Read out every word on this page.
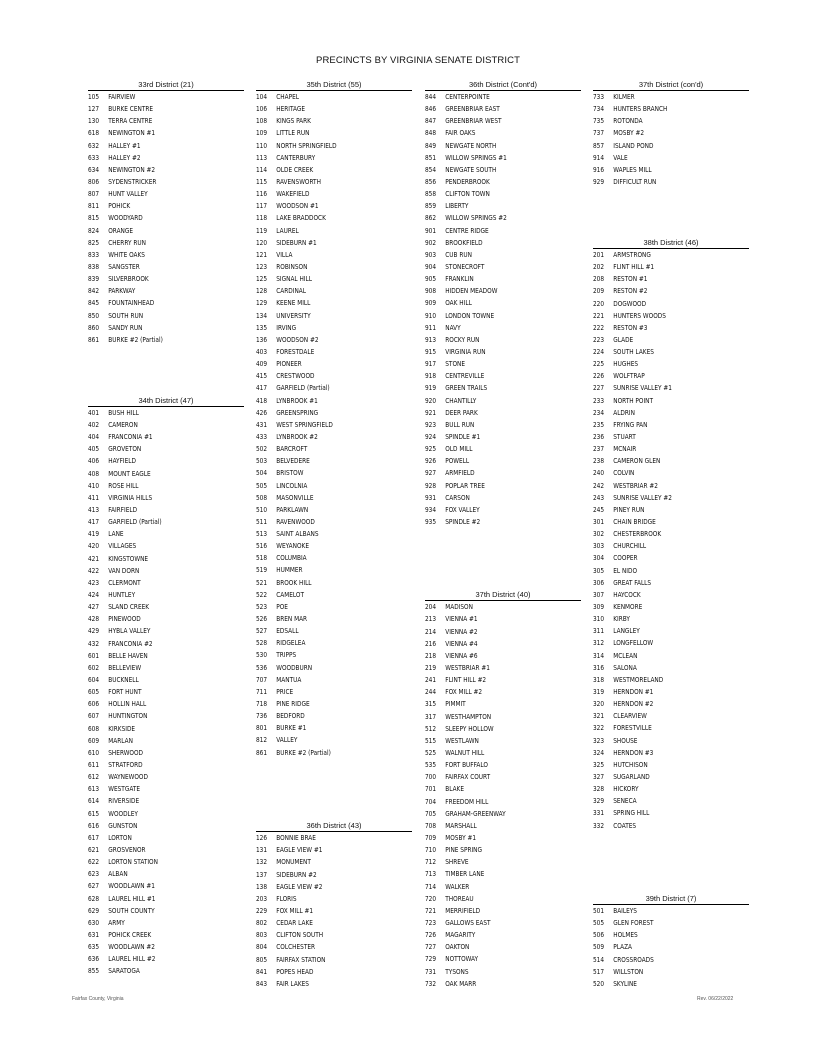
PRECINCTS BY VIRGINIA SENATE DISTRICT
33rd District (21)
105	FAIRVIEW
127	BURKE CENTRE
130	TERRA CENTRE
618	NEWINGTON #1
632	HALLEY #1
633	HALLEY #2
634	NEWINGTON #2
806	SYDENSTRICKER
807	HUNT VALLEY
811	POHICK
815	WOODYARD
824	ORANGE
825	CHERRY RUN
833	WHITE OAKS
838	SANGSTER
839	SILVERBROOK
842	PARKWAY
845	FOUNTAINHEAD
850	SOUTH RUN
860	SANDY RUN
861	BURKE #2 (Partial)
34th District (47)
401	BUSH HILL
402	CAMERON
404	FRANCONIA #1
405	GROVETON
406	HAYFIELD
408	MOUNT EAGLE
410	ROSE HILL
411	VIRGINIA HILLS
413	FAIRFIELD
417	GARFIELD (Partial)
419	LANE
420	VILLAGES
421	KINGSTOWNE
422	VAN DORN
423	CLERMONT
424	HUNTLEY
427	SLAND CREEK
428	PINEWOOD
429	HYBLA VALLEY
432	FRANCONIA #2
601	BELLE HAVEN
602	BELLEVIEW
604	BUCKNELL
605	FORT HUNT
606	HOLLIN HALL
607	HUNTINGTON
608	KIRKSIDE
609	MARLAN
610	SHERWOOD
611	STRATFORD
612	WAYNEWOOD
613	WESTGATE
614	RIVERSIDE
615	WOODLEY
616	GUNSTON
617	LORTON
621	GROSVENOR
622	LORTON STATION
623	ALBAN
627	WOODLAWN #1
628	LAUREL HILL #1
629	SOUTH COUNTY
630	ARMY
631	POHICK CREEK
635	WOODLAWN #2
636	LAUREL HILL #2
855	SARATOGA
35th District (55)
104	CHAPEL
106	HERITAGE
108	KINGS PARK
109	LITTLE RUN
110	NORTH SPRINGFIELD
113	CANTERBURY
114	OLDE CREEK
115	RAVENSWORTH
116	WAKEFIELD
117	WOODSON #1
118	LAKE BRADDOCK
119	LAUREL
120	SIDEBURN #1
121	VILLA
123	ROBINSON
125	SIGNAL HILL
128	CARDINAL
129	KEENE MILL
134	UNIVERSITY
135	IRVING
136	WOODSON #2
403	FORESTDALE
409	PIONEER
415	CRESTWOOD
417	GARFIELD (Partial)
418	LYNBROOK #1
426	GREENSPRING
431	WEST SPRINGFIELD
433	LYNBROOK #2
502	BARCROFT
503	BELVEDERE
504	BRISTOW
505	LINCOLNIA
508	MASONVILLE
510	PARKLAWN
511	RAVENWOOD
513	SAINT ALBANS
516	WEYANOKE
518	COLUMBIA
519	HUMMER
521	BROOK HILL
522	CAMELOT
523	POE
526	BREN MAR
527	EDSALL
528	RIDGELEA
530	TRIPPS
536	WOODBURN
707	MANTUA
711	PRICE
718	PINE RIDGE
736	BEDFORD
801	BURKE #1
812	VALLEY
861	BURKE #2 (Partial)
36th District (43)
126	BONNIE BRAE
131	EAGLE VIEW #1
132	MONUMENT
137	SIDEBURN #2
138	EAGLE VIEW #2
203	FLORIS
229	FOX MILL #1
802	CEDAR LAKE
803	CLIFTON SOUTH
804	COLCHESTER
805	FAIRFAX STATION
841	POPES HEAD
843	FAIR LAKES
36th District (Cont'd)
844	CENTERPOINTE
846	GREENBRIAR EAST
847	GREENBRIAR WEST
848	FAIR OAKS
849	NEWGATE NORTH
851	WILLOW SPRINGS #1
854	NEWGATE SOUTH
856	PENDERBROOK
858	CLIFTON TOWN
859	LIBERTY
862	WILLOW SPRINGS #2
901	CENTRE RIDGE
902	BROOKFIELD
903	CUB RUN
904	STONECROFT
905	FRANKLIN
908	HIDDEN MEADOW
909	OAK HILL
910	LONDON TOWNE
911	NAVY
913	ROCKY RUN
915	VIRGINIA RUN
917	STONE
918	CENTREVILLE
919	GREEN TRAILS
920	CHANTILLY
921	DEER PARK
923	BULL RUN
924	SPINDLE #1
925	OLD MILL
926	POWELL
927	ARMFIELD
928	POPLAR TREE
931	CARSON
934	FOX VALLEY
935	SPINDLE #2
37th District (40)
204	MADISON
213	VIENNA #1
214	VIENNA #2
216	VIENNA #4
218	VIENNA #6
219	WESTBRIAR #1
241	FLINT HILL #2
244	FOX MILL #2
315	PIMMIT
317	WESTHAMPTON
512	SLEEPY HOLLOW
515	WESTLAWN
525	WALNUT HILL
535	FORT BUFFALO
700	FAIRFAX COURT
701	BLAKE
704	FREEDOM HILL
705	GRAHAM-GREENWAY
708	MARSHALL
709	MOSBY #1
710	PINE SPRING
712	SHREVE
713	TIMBER LANE
714	WALKER
720	THOREAU
721	MERRIFIELD
723	GALLOWS EAST
726	MAGARITY
727	OAKTON
729	NOTTOWAY
731	TYSONS
732	OAK MARR
37th District (con'd)
733	KILMER
734	HUNTERS BRANCH
735	ROTONDA
737	MOSBY #2
857	ISLAND POND
914	VALE
916	WAPLES MILL
929	DIFFICULT RUN
38th District (46)
201	ARMSTRONG
202	FLINT HILL #1
208	RESTON #1
209	RESTON #2
220	DOGWOOD
221	HUNTERS WOODS
222	RESTON #3
223	GLADE
224	SOUTH LAKES
225	HUGHES
226	WOLFTRAP
227	SUNRISE VALLEY #1
233	NORTH POINT
234	ALDRIN
235	FRYING PAN
236	STUART
237	MCNAIR
238	CAMERON GLEN
240	COLVIN
242	WESTBRIAR #2
243	SUNRISE VALLEY #2
245	PINEY RUN
301	CHAIN BRIDGE
302	CHESTERBROOK
303	CHURCHILL
304	COOPER
305	EL NIDO
306	GREAT FALLS
307	HAYCOCK
309	KENMORE
310	KIRBY
311	LANGLEY
312	LONGFELLOW
314	MCLEAN
316	SALONA
318	WESTMORELAND
319	HERNDON #1
320	HERNDON #2
321	CLEARVIEW
322	FORESTVILLE
323	SHOUSE
324	HERNDON #3
325	HUTCHISON
327	SUGARLAND
328	HICKORY
329	SENECA
331	SPRING HILL
332	COATES
39th District (7)
501	BAILEYS
505	GLEN FOREST
506	HOLMES
509	PLAZA
514	CROSSROADS
517	WILLSTON
520	SKYLINE
Fairfax County, Virginia	Rev. 06/22/2022
